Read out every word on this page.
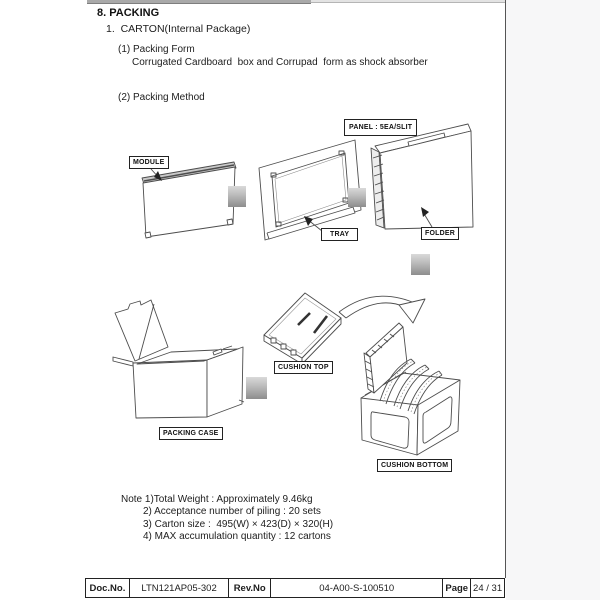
8. PACKING
1.  CARTON(Internal Package)
(1) Packing Form
Corrugated Cardboard  box and Corrupad  form as shock absorber
(2) Packing Method
MODULE
PANEL : 5EA/SLIT
TRAY	FOLDER
PACKING CASE
CUSHION TOP
CUSHION BOTTOM
Note 1)Total Weight : Approximately 9.46kg
2) Acceptance number of piling : 20 sets
3) Carton size :  495(W) × 423(D) × 320(H)
4) MAX accumulation quantity : 12 cartons
Doc.No.	LTN121AP05-302	Rev.No	04-A00-S-100510	Page 24 / 31
